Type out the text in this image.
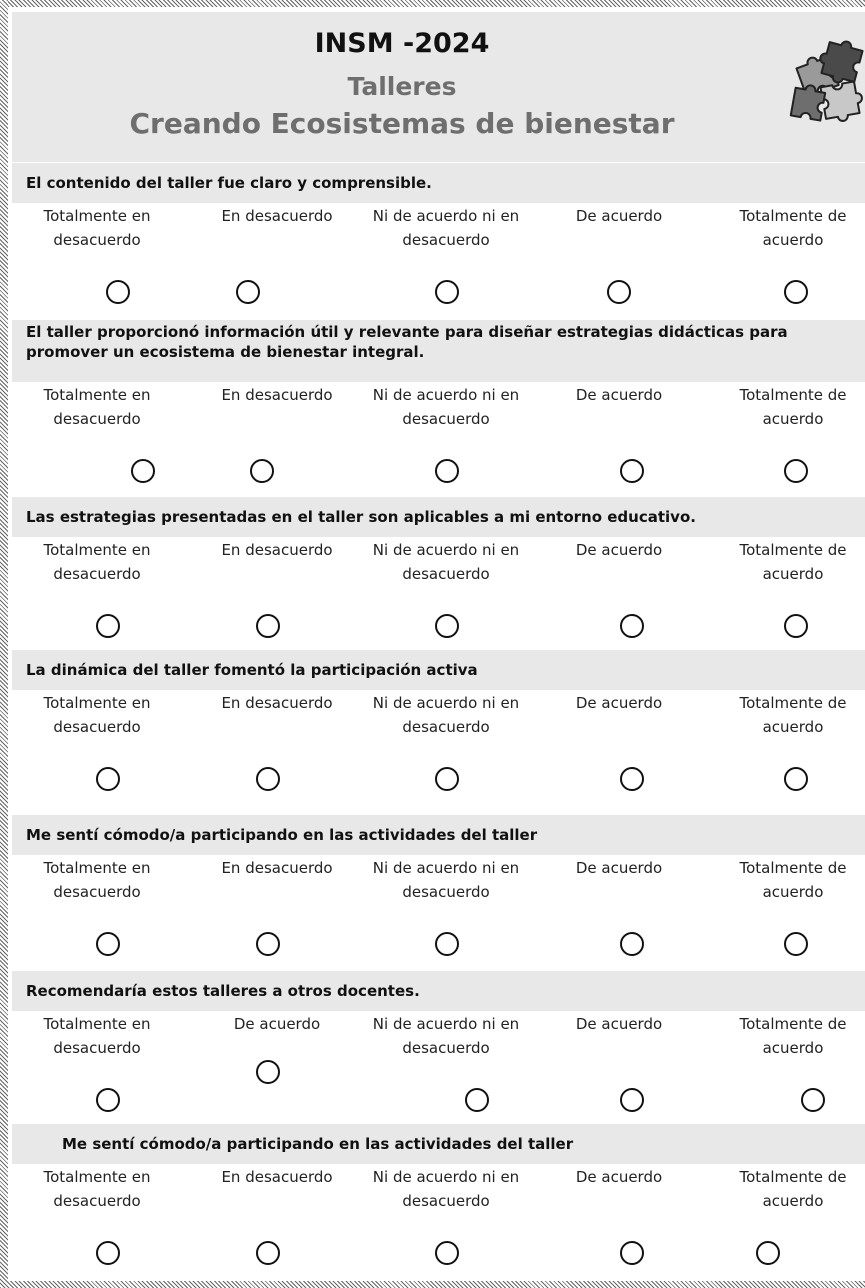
INSM -2024
Talleres
Creando Ecosistemas de bienestar
El contenido del taller fue claro y comprensible.
Totalmente en desacuerdo
En desacuerdo	Ni de acuerdo ni en desacuerdo
De acuerdo	Totalmente de acuerdo
El taller proporcionó información útil y relevante para diseñar estrategias didácticas para promover un ecosistema de bienestar integral.
Totalmente en desacuerdo
En desacuerdo	Ni de acuerdo ni en desacuerdo
De acuerdo	Totalmente de acuerdo
Las estrategias presentadas en el taller son aplicables a mi entorno educativo.
Totalmente en desacuerdo
En desacuerdo	Ni de acuerdo ni en desacuerdo
De acuerdo	Totalmente de acuerdo
La dinámica del taller fomentó la participación activa
Totalmente en desacuerdo
En desacuerdo	Ni de acuerdo ni en desacuerdo
De acuerdo	Totalmente de acuerdo
Me sentí cómodo/a participando en las actividades del taller
Totalmente en desacuerdo
En desacuerdo	Ni de acuerdo ni en desacuerdo
De acuerdo	Totalmente de acuerdo
Recomendaría estos talleres a otros docentes.
Totalmente en desacuerdo
De acuerdo	Ni de acuerdo ni en desacuerdo
De acuerdo	Totalmente de acuerdo
Me sentí cómodo/a participando en las actividades del taller
Totalmente en desacuerdo
En desacuerdo	Ni de acuerdo ni en desacuerdo
De acuerdo	Totalmente de acuerdo
